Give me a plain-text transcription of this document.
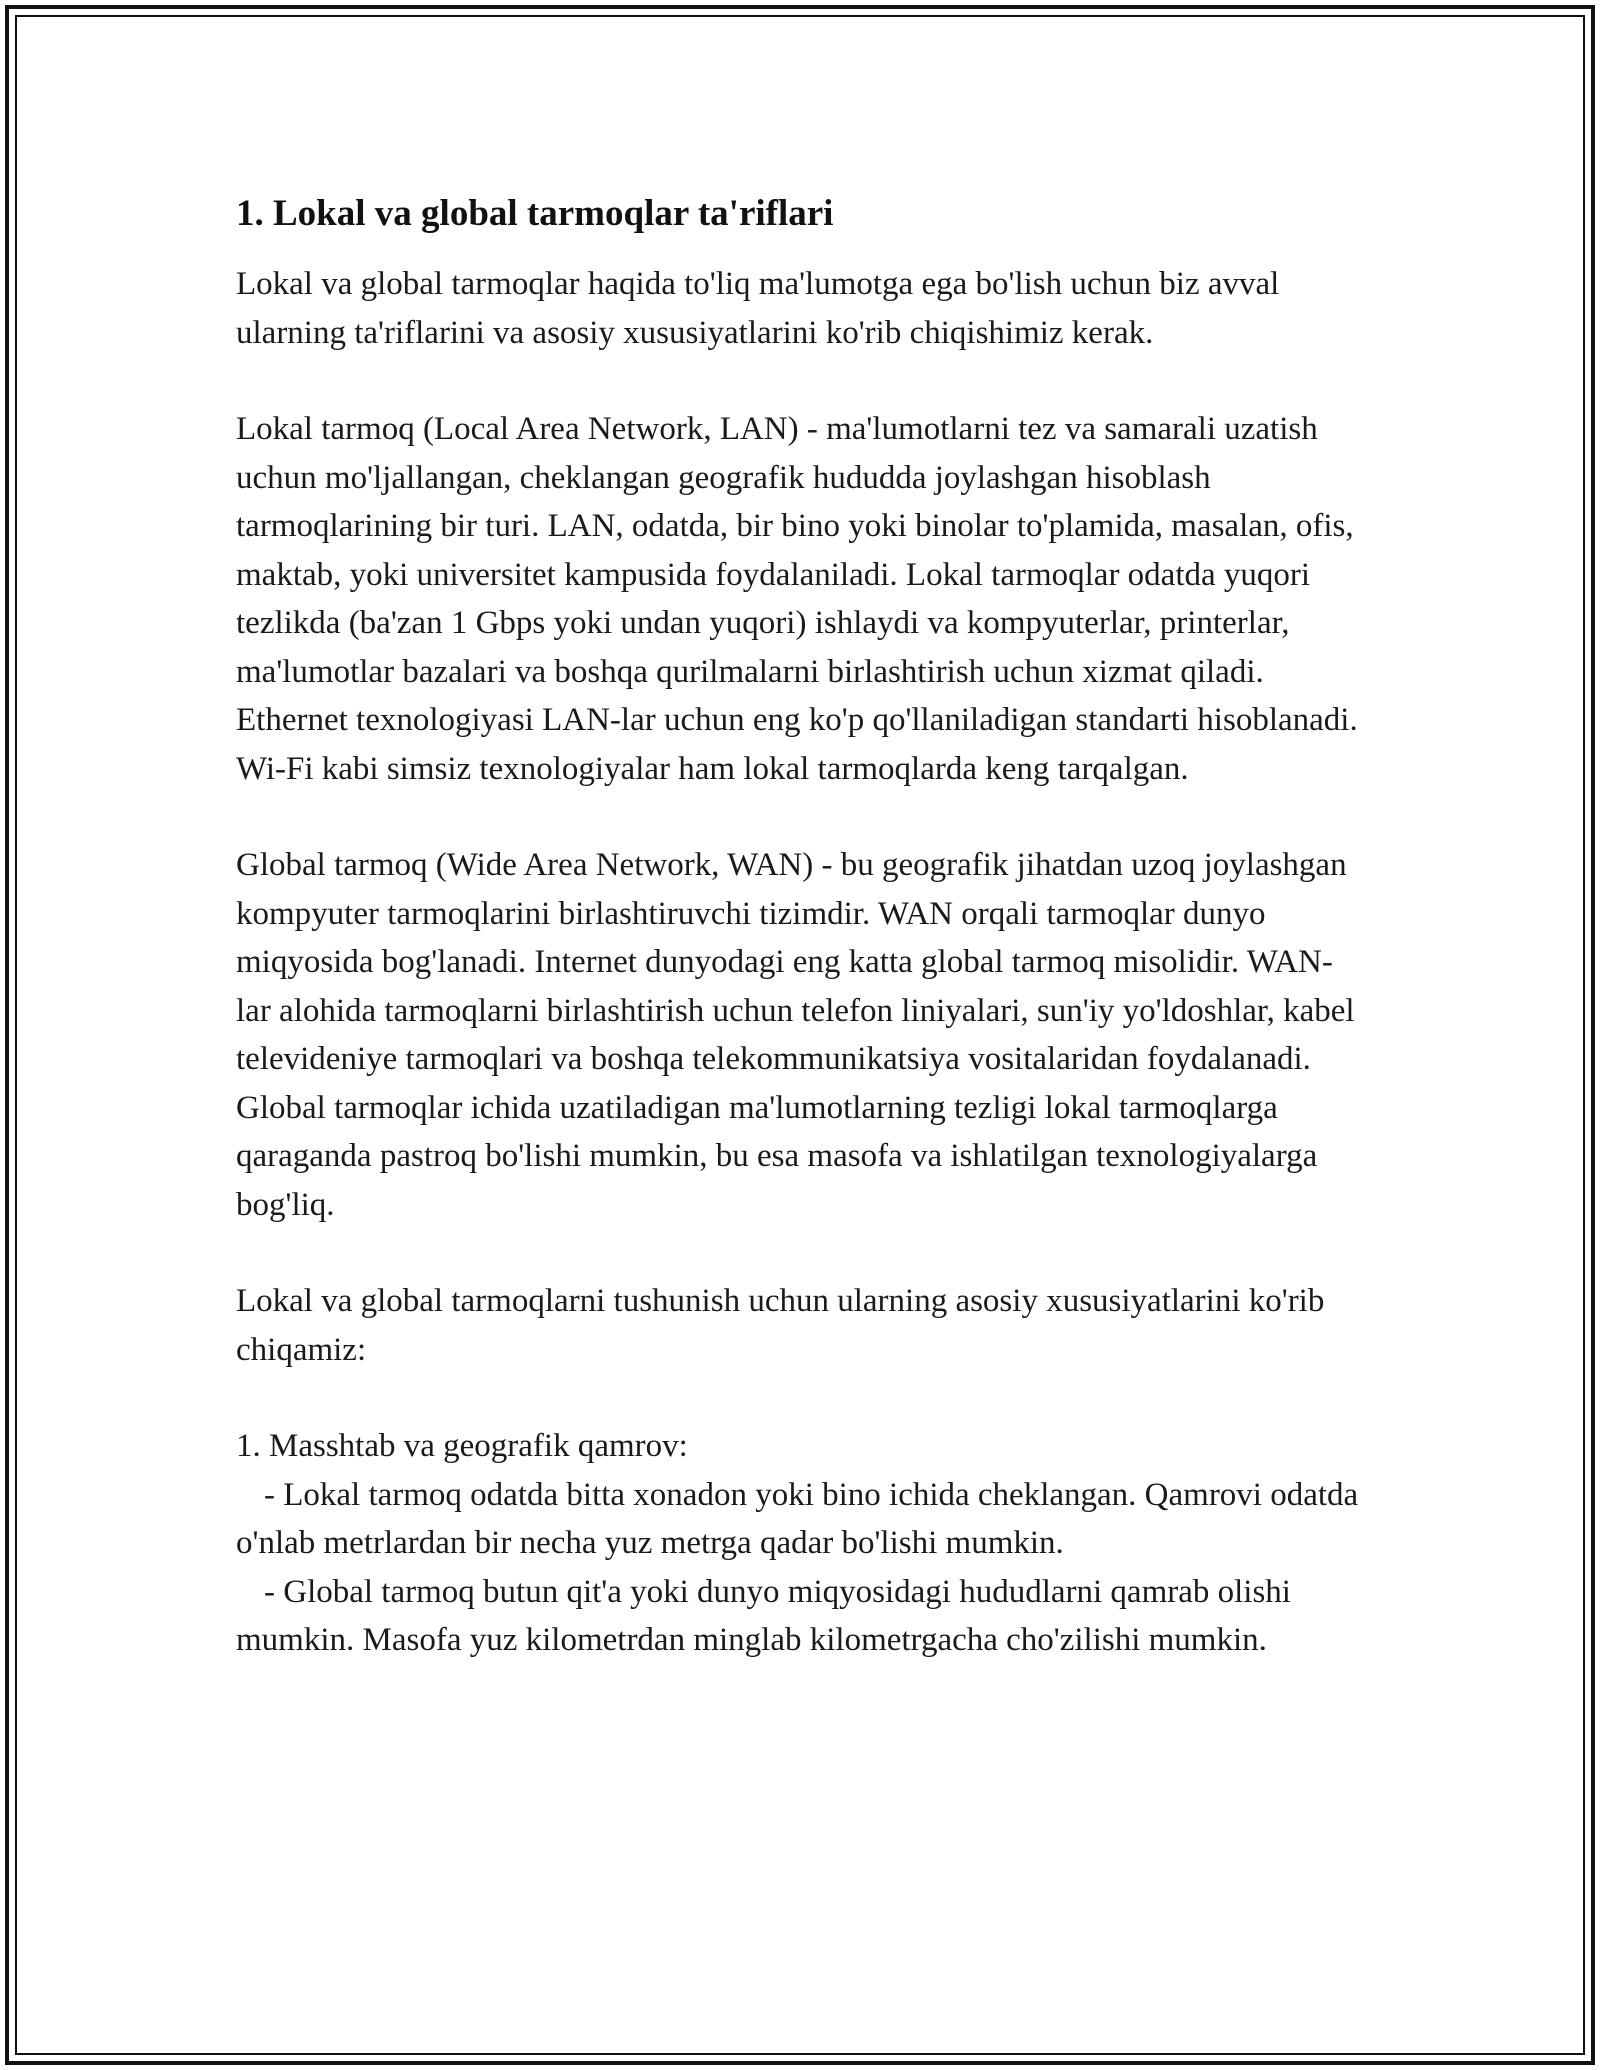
1. Lokal va global tarmoqlar ta'riflari

Lokal va global tarmoqlar haqida to'liq ma'lumotga ega bo'lish uchun biz avval ularning ta'riflarini va asosiy xususiyatlarini ko'rib chiqishimiz kerak.

Lokal tarmoq (Local Area Network, LAN) - ma'lumotlarni tez va samarali uzatish uchun mo'ljallangan, cheklangan geografik hududda joylashgan hisoblash tarmoqlarining bir turi. LAN, odatda, bir bino yoki binolar to'plamida, masalan, ofis, maktab, yoki universitet kampusida foydalaniladi. Lokal tarmoqlar odatda yuqori tezlikda (ba'zan 1 Gbps yoki undan yuqori) ishlaydi va kompyuterlar, printerlar, ma'lumotlar bazalari va boshqa qurilmalarni birlashtirish uchun xizmat qiladi. Ethernet texnologiyasi LAN-lar uchun eng ko'p qo'llaniladigan standarti hisoblanadi. Wi-Fi kabi simsiz texnologiyalar ham lokal tarmoqlarda keng tarqalgan.

Global tarmoq (Wide Area Network, WAN) - bu geografik jihatdan uzoq joylashgan kompyuter tarmoqlarini birlashtiruvchi tizimdir. WAN orqali tarmoqlar dunyo miqyosida bog'lanadi. Internet dunyodagi eng katta global tarmoq misolidir. WAN-lar alohida tarmoqlarni birlashtirish uchun telefon liniyalari, sun'iy yo'ldoshlar, kabel televideniye tarmoqlari va boshqa telekommunikatsiya vositalaridan foydalanadi. Global tarmoqlar ichida uzatiladigan ma'lumotlarning tezligi lokal tarmoqlarga qaraganda pastroq bo'lishi mumkin, bu esa masofa va ishlatilgan texnologiyalarga bog'liq.

Lokal va global tarmoqlarni tushunish uchun ularning asosiy xususiyatlarini ko'rib chiqamiz:

1. Masshtab va geografik qamrov:
- Lokal tarmoq odatda bitta xonadon yoki bino ichida cheklangan. Qamrovi odatda o'nlab metrlardan bir necha yuz metrga qadar bo'lishi mumkin.
- Global tarmoq butun qit'a yoki dunyo miqyosidagi hududlarni qamrab olishi mumkin. Masofa yuz kilometrdan minglab kilometrgacha cho'zilishi mumkin.
